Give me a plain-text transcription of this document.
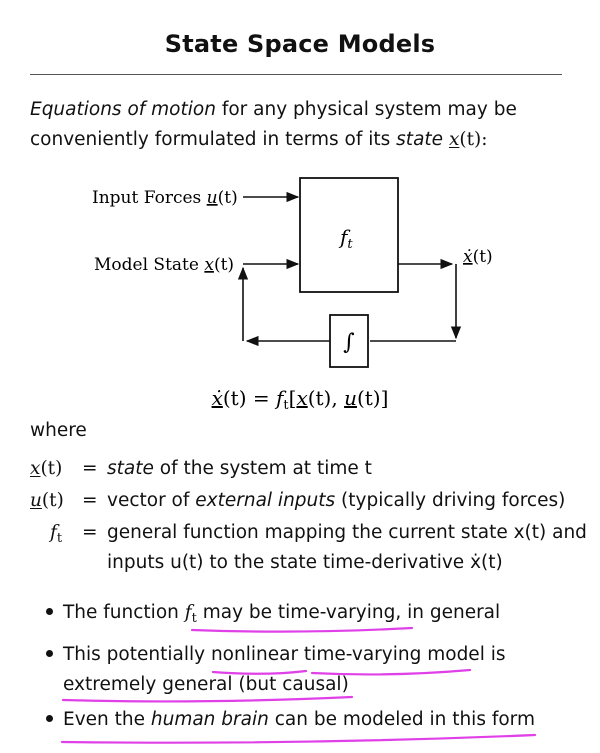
State Space Models
Equations of motion for any physical system may be conveniently formulated in terms of its state x(t):
Input Forces u(t)
Model State x(t)
$f_t$
ẋ(t)
∫
ẋ(t) = $f_t[x(t)$, u(t)]
where
x(t) = state of the system at time t
u(t) = vector of external inputs (typically driving forces)
$f_t$ = general function mapping the current state x(t) and
inputs u(t) to the state time-derivative ẋ(t)
The function $f_t$ may be time-varying, in general
This potentially nonlinear time-varying model is
extremely general (but causal)
Even the human brain can be modeled in this form
